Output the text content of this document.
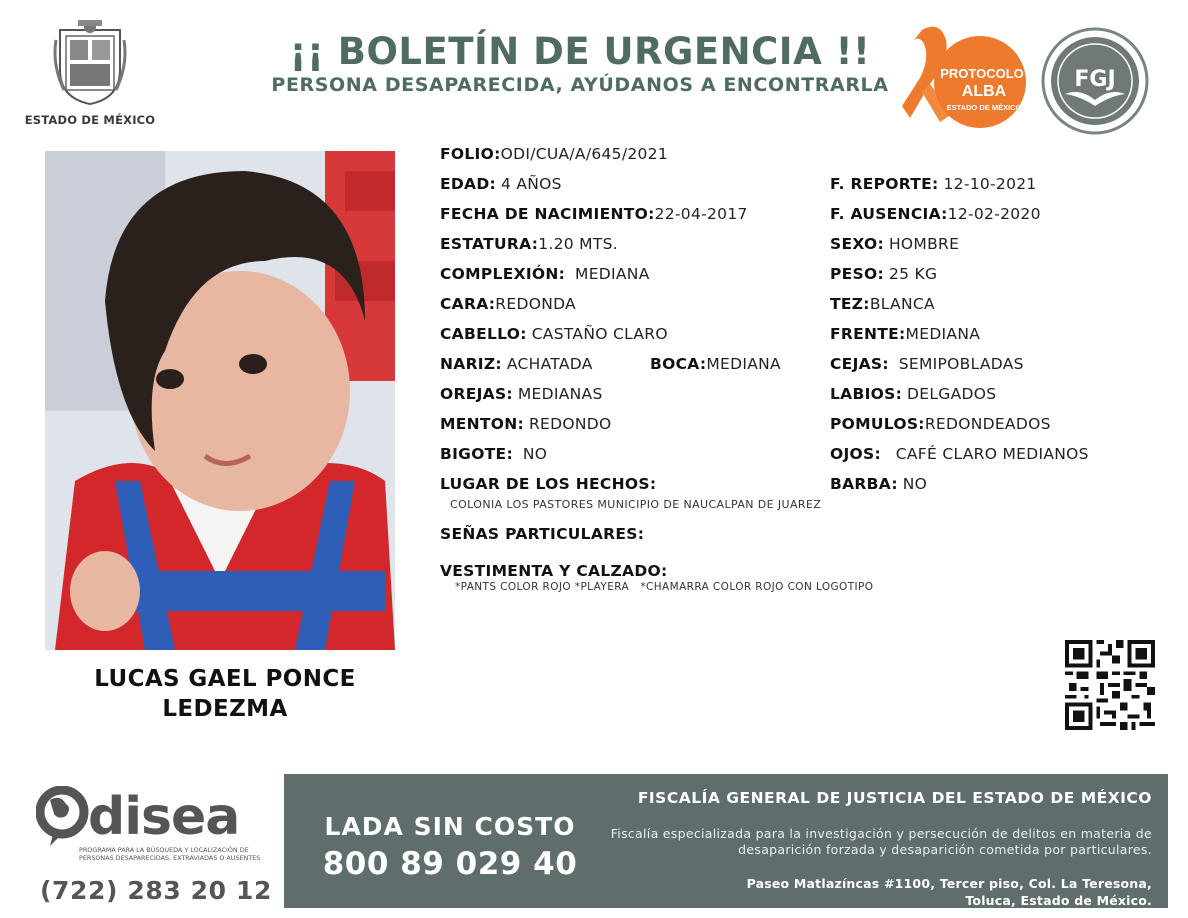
ESTADO DE MÉXICO
¡¡ BOLETÍN DE URGENCIA !!
PERSONA DESAPARECIDA, AYÚDANOS A ENCONTRARLA
PROTOCOLO
ALBA
ESTADO DE MÉXICO
FGJ
LUCAS GAEL PONCE
LEDEZMA
FOLIO:ODI/CUA/A/645/2021
EDAD: 4 AÑOS	F. REPORTE: 12-10-2021
FECHA DE NACIMIENTO:22-04-2017	F. AUSENCIA:12-02-2020
ESTATURA:1.20 MTS.	SEXO: HOMBRE
COMPLEXIÓN: MEDIANA	PESO: 25 KG
CARA:REDONDA	TEZ:BLANCA
CABELLO: CASTAÑO CLARO	FRENTE:MEDIANA
NARIZ: ACHATADA	BOCA:MEDIANA	CEJAS: SEMIPOBLADAS
OREJAS: MEDIANAS	LABIOS: DELGADOS
MENTON: REDONDO	POMULOS:REDONDEADOS
BIGOTE: NO	OJOS: CAFÉ CLARO MEDIANOS
LUGAR DE LOS HECHOS:	BARBA: NO
COLONIA LOS PASTORES MUNICIPIO DE NAUCALPAN DE JUAREZ
SEÑAS PARTICULARES:
VESTIMENTA Y CALZADO:
*PANTS COLOR ROJO *PLAYERA   *CHAMARRA COLOR ROJO CON LOGOTIPO
disea
PROGRAMA PARA LA BÚSQUEDA Y LOCALIZACIÓN DE PERSONAS DESAPARECIDAS, EXTRAVIADAS O AUSENTES
(722) 283 20 12
LADA SIN COSTO
800 89 029 40
FISCALÍA GENERAL DE JUSTICIA DEL ESTADO DE MÉXICO
Fiscalía especializada para la investigación y persecución de delitos en materia de desaparición forzada y desaparición cometida por particulares.
Paseo Matlazíncas #1100, Tercer piso, Col. La Teresona,
Toluca, Estado de México.
